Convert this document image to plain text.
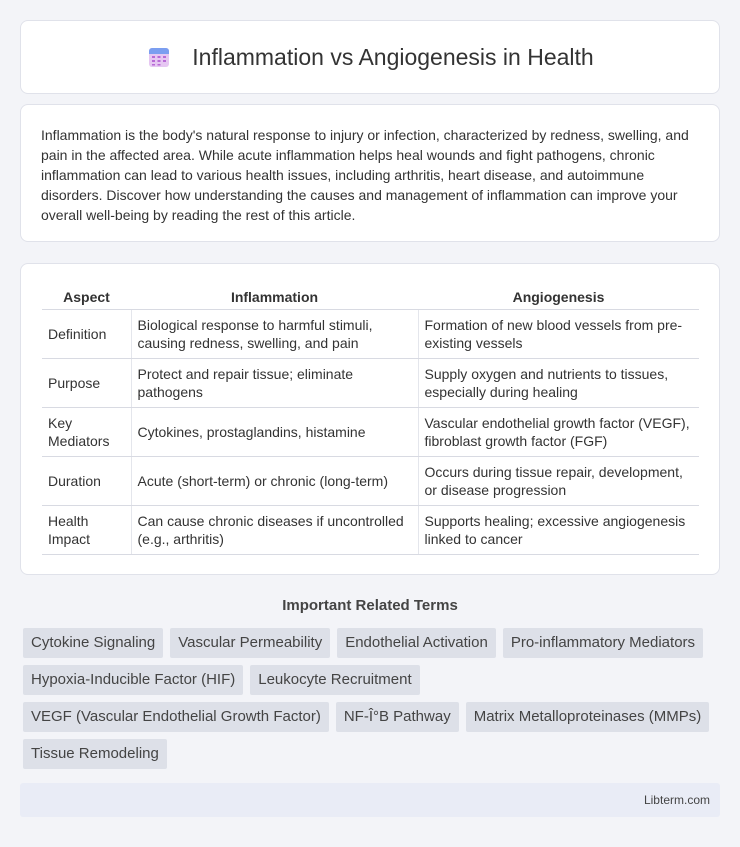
Inflammation vs Angiogenesis in Health

Inflammation is the body's natural response to injury or infection, characterized by redness, swelling, and pain in the affected area. While acute inflammation helps heal wounds and fight pathogens, chronic inflammation can lead to various health issues, including arthritis, heart disease, and autoimmune disorders. Discover how understanding the causes and management of inflammation can improve your overall well-being by reading the rest of this article.

Aspect	Inflammation	Angiogenesis
Definition	Biological response to harmful stimuli, causing redness, swelling, and pain	Formation of new blood vessels from pre-existing vessels
Purpose	Protect and repair tissue; eliminate pathogens	Supply oxygen and nutrients to tissues, especially during healing
Key Mediators	Cytokines, prostaglandins, histamine	Vascular endothelial growth factor (VEGF), fibroblast growth factor (FGF)
Duration	Acute (short-term) or chronic (long-term)	Occurs during tissue repair, development, or disease progression
Health Impact	Can cause chronic diseases if uncontrolled (e.g., arthritis)	Supports healing; excessive angiogenesis linked to cancer
Important Related Terms
Cytokine Signaling	Vascular Permeability	Endothelial Activation	Pro-inflammatory Mediators
Hypoxia-Inducible Factor (HIF)	Leukocyte Recruitment
VEGF (Vascular Endothelial Growth Factor)	NF-Î°B Pathway	Matrix Metalloproteinases (MMPs)
Tissue Remodeling
Libterm.com
